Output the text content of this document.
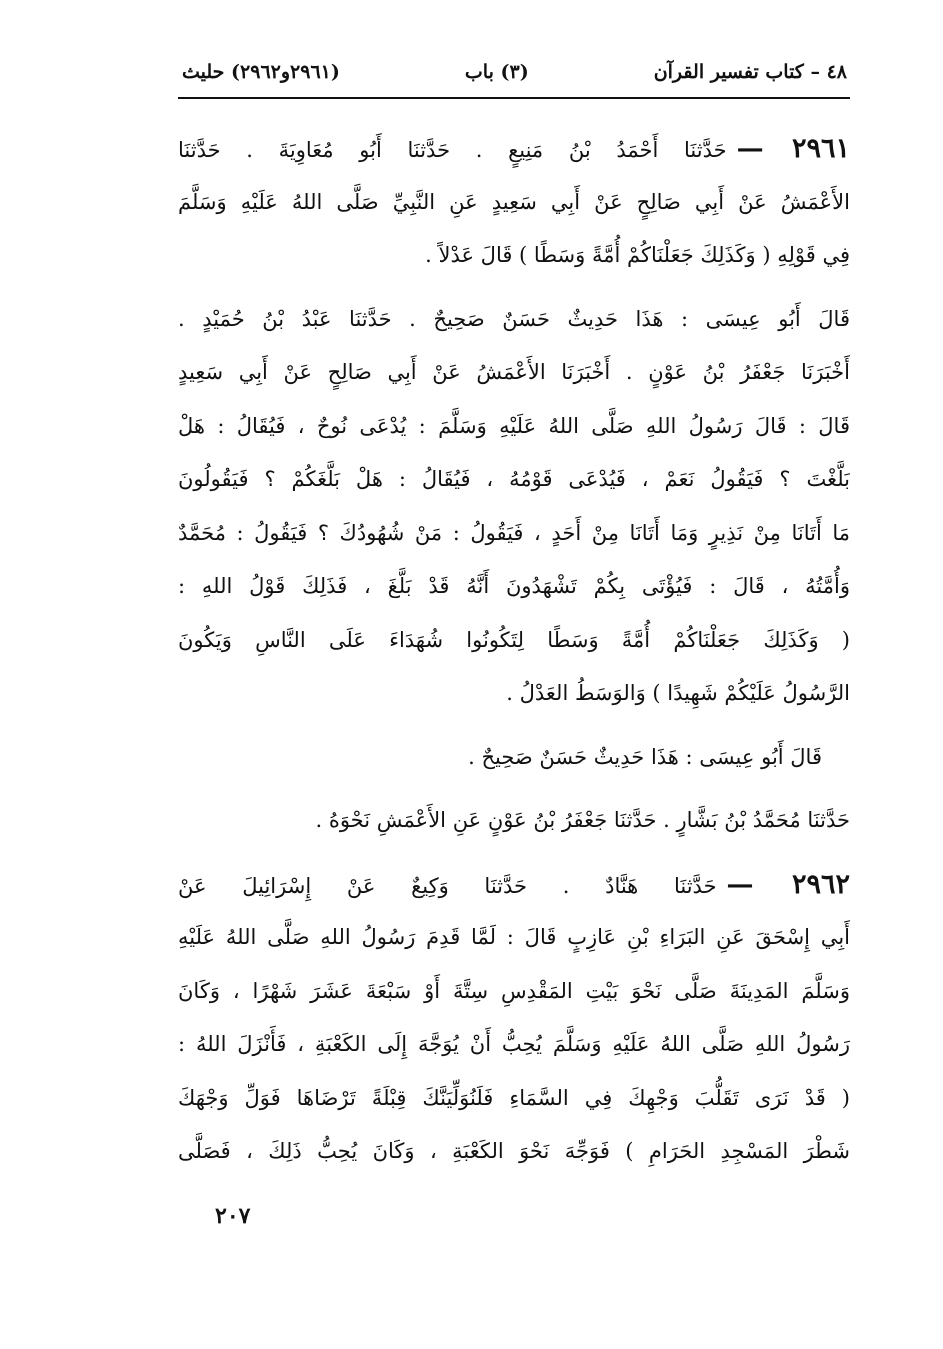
٤٨ – كتاب تفسير القرآن
(٣) باب
(٢٩٦١و٢٩٦٢) حليث
٢٩٦١ —حَدَّثنَا أَحْمَدُ بْنُ مَنِيعٍ . حَدَّثنَا أَبُو مُعَاوِيَةَ . حَدَّثنَا
الأَعْمَشُ عَنْ أَبِي صَالِحٍ عَنْ أَبِي سَعِيدٍ عَنِ النَّبِيِّ صَلَّى اللهُ عَلَيْهِ وَسَلَّمَ
فِي قَوْلِهِ ( وَكَذَلِكَ جَعَلْنَاكُمْ أُمَّةً وَسَطًا ) قَالَ عَدْلاً .
قَالَ أَبُو عِيسَى : هَذَا حَدِيثٌ حَسَنٌ صَحِيحٌ . حَدَّثنَا عَبْدُ بْنُ حُمَيْدٍ .
أَخْبَرَنَا جَعْفَرُ بْنُ عَوْنٍ . أَخْبَرَنَا الأَعْمَشُ عَنْ أَبِي صَالِحٍ عَنْ أَبِي سَعِيدٍ
قَالَ : قَالَ رَسُولُ اللهِ صَلَّى اللهُ عَلَيْهِ وَسَلَّمَ : يُدْعَى نُوحٌ ، فَيُقَالُ : هَلْ
بَلَّغْتَ ؟ فَيَقُولُ نَعَمْ ، فَيُدْعَى قَوْمُهُ ، فَيُقَالُ : هَلْ بَلَّغَكُمْ ؟ فَيَقُولُونَ
مَا أَتَانَا مِنْ نَذِيرٍ وَمَا أَتَانَا مِنْ أَحَدٍ ، فَيَقُولُ : مَنْ شُهُودُكَ ؟ فَيَقُولُ : مُحَمَّدٌ
وَأُمَّتُهُ ، قَالَ : فَيُؤْتَى بِكُمْ تَشْهَدُونَ أَنَّهُ قَدْ بَلَّغَ ، فَذَلِكَ قَوْلُ اللهِ :
( وَكَذَلِكَ جَعَلْنَاكُمْ أُمَّةً وَسَطًا لِتَكُونُوا شُهَدَاءَ عَلَى النَّاسِ وَيَكُونَ
الرَّسُولُ عَلَيْكُمْ شَهِيدًا ) وَالوَسَطُ العَدْلُ .
قَالَ أَبُو عِيسَى : هَذَا حَدِيثٌ حَسَنٌ صَحِيحٌ .
حَدَّثنَا مُحَمَّدُ بْنُ بَشَّارٍ . حَدَّثنَا جَعْفَرُ بْنُ عَوْنٍ عَنِ الأَعْمَشِ نَحْوَهُ .
٢٩٦٢ —حَدَّثنَا هَنَّادٌ . حَدَّثنَا وَكِيعٌ عَنْ إِسْرَائِيلَ عَنْ
أَبِي إِسْحَقَ عَنِ البَرَاءِ بْنِ عَازِبٍ قَالَ : لَمَّا قَدِمَ رَسُولُ اللهِ صَلَّى اللهُ عَلَيْهِ
وَسَلَّمَ المَدِينَةَ صَلَّى نَحْوَ بَيْتِ المَقْدِسِ سِتَّةَ أَوْ سَبْعَةَ عَشَرَ شَهْرًا ، وَكَانَ
رَسُولُ اللهِ صَلَّى اللهُ عَلَيْهِ وَسَلَّمَ يُحِبُّ أَنْ يُوَجَّهَ إِلَى الكَعْبَةِ ، فَأَنْزَلَ اللهُ :
( قَدْ نَرَى تَقَلُّبَ وَجْهِكَ فِي السَّمَاءِ فَلَنُوَلِّيَنَّكَ قِبْلَةً تَرْضَاهَا فَوَلِّ وَجْهَكَ
شَطْرَ المَسْجِدِ الحَرَامِ ) فَوَجِّهَ نَحْوَ الكَعْبَةِ ، وَكَانَ يُحِبُّ ذَلِكَ ، فَصَلَّى
٢٠٧
